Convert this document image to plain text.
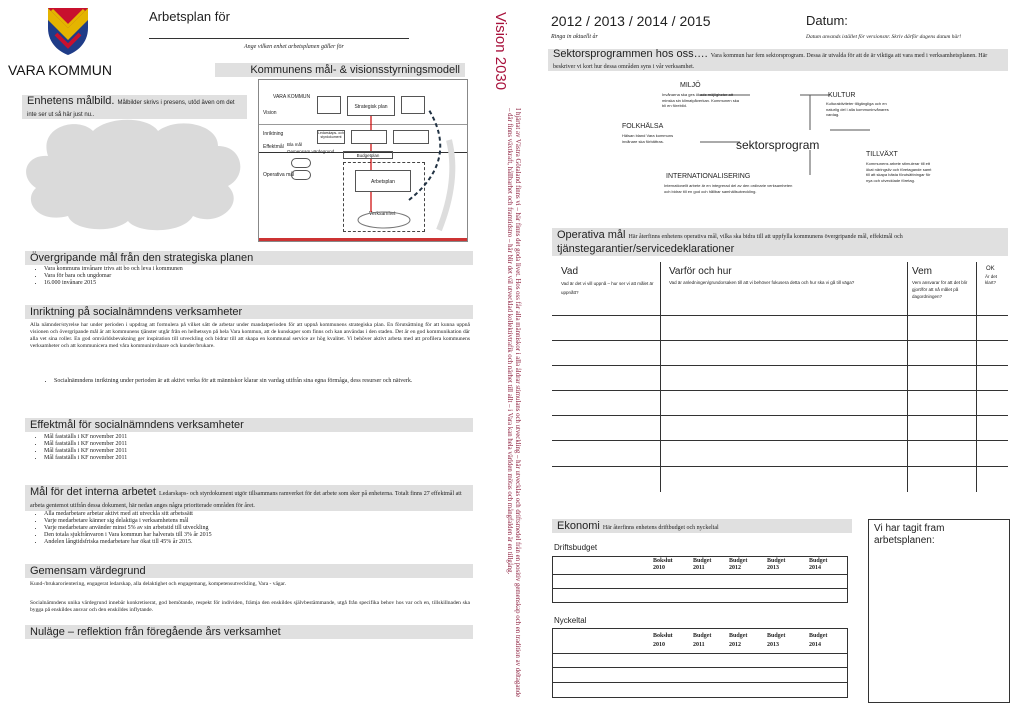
VARA KOMMUN
Arbetsplan för
Ange vilken enhet arbetsplanen gäller för
Kommunens mål- & visionsstyrningsmodell
VARA KOMMUN
Vision
Inriktning
Effektmål
Operativa mål
Strategisk plan
Ledarskaps- och styrdokument
Bla mål
Gemensam värdegrund
Budgetplan
Arbetsplan
Verksamhet
Enhetens målbild. Målbilder skrivs i presens, utöd även om det inte ser ut så här just nu..
Övergripande mål från den strategiska planen
• Vara kommuns invånare trivs att bo och leva i kommunen
• Vara för bara och ungdomar
• 16.000 invånare 2015
Inriktning på socialnämndens verksamheter
Alla nämnder/styrelse har under perioden i uppdrag att formulera på vilket sätt de arbetar under mandatperioden för att uppnå kommunens strategiska plan. En förutsättning för att kunna uppnå visionen och övergripande mål är att kommunens tjänster utgår från en helhetssyn på hela Vara kommun, att de kunskaper som finns och kan användas i den staden. Det är en god kommunikation där alla vet sina roller. En god omvärldsbevakning ger inspiration till utveckling och bidrar till att skapa en kommunal service av hög kvalitet. Vi behöver aktivt arbeta med att profilera kommunens verksamheter och att kommunicera med våra kommuninvånare och kunder/brukare.
• Socialnämndens inriktning under perioden är att aktivt verka för att människor klarar sin vardag utifrån sina egna förmåga, dess resurser och nätverk.
Effektmål för socialnämndens verksamheter
• Mål fastställs i KF november 2011
• Mål fastställs i KF november 2011
• Mål fastställs i KF november 2011
• Mål fastställs i KF november 2011
Mål för det interna arbetet Ledarskaps- och styrdokument utgör tillsammans ramverket för det arbete som sker på enheterna. Totalt finns 27 effektmål att arbeta gentemot utifrån dessa dokument, här nedan anges några prioriterade områden för året.
• Alla medarbetare arbetar aktivt med att utveckla sitt arbetssätt
• Varje medarbetare känner sig delaktiga i verksamhetens mål
• Varje medarbetare använder minst 5% av sin arbetstid till utveckling
• Den totala sjukfrånvaron i Vara kommun har halverats till 3% år 2015
• Andelen långtidsfriska medarbetare har ökat till 45% år 2015.
Gemensam värdegrund
Kund-/brukarorientering, engagerat ledarskap, alla delaktighet och engagemang, kompetensutveckling, Vara - vägar.
Socialnämndens unika värdegrund innebär konkretiserat, god bemötande, respekt för individen, främja den enskildes självbestämmande, utgå från specifika behov hos var och en, tillskillnaden ska bygga på enskildes ansvar och den enskildes inflytande.
Nuläge – reflektion från föregående års verksamhet
Vision 2030
I hjärtat av Västra Götaland finns vi – här finns det goda livet. Hos oss får alla människor i alla åldrar stimulans och utveckling – här utvecklas och driftsmedel från en positiv gemenskap och en tradition av deltagande – där finns växtkraft, hållbarhet och framtidstro – här blir det väl utvecklad kollektivtrafik och närhet till allt – i Vara kan hela världen mötas och mångfalden är en tillgång.
2012 / 2013 / 2014 / 2015
Ringa in aktuellt år
Datum:
Datum anvands istället för versionsnr. Skriv därför dagens datum här!
Sektorsprogrammen hos oss…. Vara kommun har fem sektorsprogram. Dessa är utvalda för att de är viktiga att vara med i verksamhetsplanen. Här beskriver vi kort hur dessa områden syns i vår verksamhet.
sektorsprogram
MILJÖ
Invånarna ska ges ökade möjligheter att minska sin klimatpåverkan. Kommunen ska bli en förebild.
KULTUR
Kulturaktiviteter tillgängliga och en naturlig del i alla kommuninvånares vardag.
FOLKHÄLSA
Hälsan bland Vara kommuns invånare ska förbättras.
TILLVÄXT
Kommunens arbete stimulerar till ett ökat näringsliv och företagande samt till att skapa bästa förutsättningar för nya och utvecklade företag.
INTERNATIONALISERING
Internationellt arbete är en integrerad del av den ordinarie verksamheten och bidrar till en god och hållbar samhällsutveckling.
Operativa mål Här återfinns enhetens operativa mål, vilka ska bidra till att uppfylla kommunens övergripande mål, effektmål och
tjänstegarantier/servicedeklarationer
Vad
Vad är det vi vill uppnå – hur ser vi att målet är uppnått?
Varför och hur
Vad är anledningen/grundorsaken till att vi behöver fokusera detta och hur ska vi gå till väga?
Vem
Vem ansvarar för att det blir gjort/för att nå målet på dagordningen?
OK
Är det klart?
Ekonomi Här återfinns enhetens driftbudget och nyckeltal
Driftsbudget
Bokslut 2010
Budget 2011
Budget 2012
Budget 2013
Budget 2014
Nyckeltal
Bokslut 2010
Budget 2011
Budget 2012
Budget 2013
Budget 2014
Vi har tagit fram arbetsplanen:
